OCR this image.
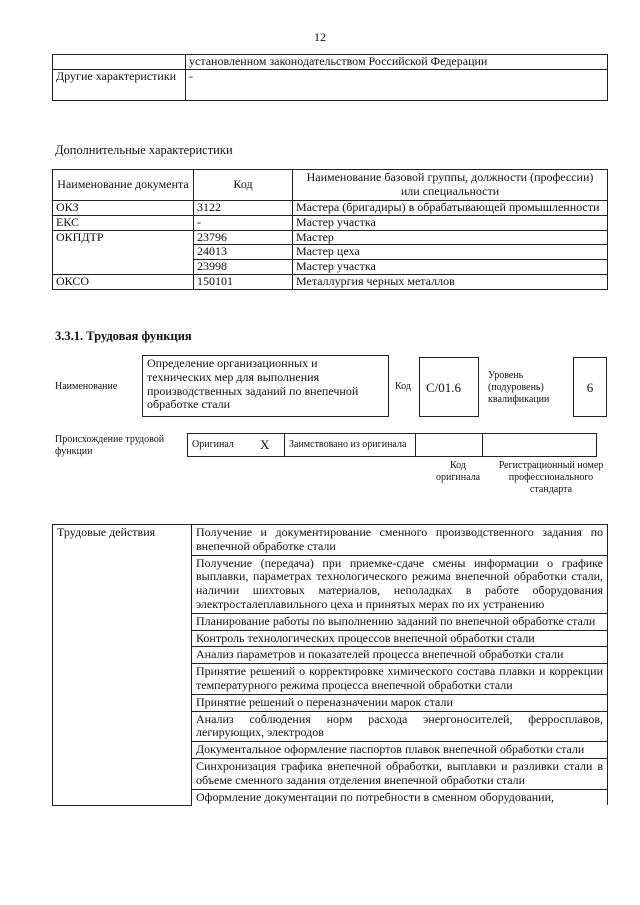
12
	установленном законодательством Российской Федерации
Другие характеристики	-
Дополнительные характеристики
Наименование документа	Код	Наименование базовой группы, должности (профессии) или специальности
ОКЗ	3122	Мастера (бригадиры) в обрабатывающей промышленности
ЕКС	-	Мастер участка
ОКПДТР	23796	Мастер
	24013	Мастер цеха
	23998	Мастер участка
ОКСО	150101	Металлургия черных металлов
3.3.1. Трудовая функция
Наименование
Определение организационных и технических мер для выполнения производственных заданий по внепечной обработке стали
Код	C/01.6
Уровень (подуровень) квалификации
6
Происхождение трудовой функции
Оригинал	X	Заимствовано из оригинала		
Код оригинала
Регистрационный номер профессионального стандарта
Трудовые действия	Получение и документирование сменного производственного задания по внепечной обработке стали
Получение (передача) при приемке-сдаче смены информации о графике выплавки, параметрах технологического режима внепечной обработки стали, наличии шихтовых материалов, неполадках в работе оборудования электросталеплавильного цеха и принятых мерах по их устранению
Планирование работы по выполнению заданий по внепечной обработке стали
Контроль технологических процессов внепечной обработки стали
Анализ параметров и показателей процесса внепечной обработки стали
Принятие решений о корректировке химического состава плавки и коррекции температурного режима процесса внепечной обработки стали
Принятие решений о переназначении марок стали
Анализ соблюдения норм расхода энергоносителей, ферросплавов, легирующих, электродов
Документальное оформление паспортов плавок внепечной обработки стали
Синхронизация графика внепечной обработки, выплавки и разливки стали в объеме сменного задания отделения внепечной обработки стали
Оформление документации по потребности в сменном оборудовании,
